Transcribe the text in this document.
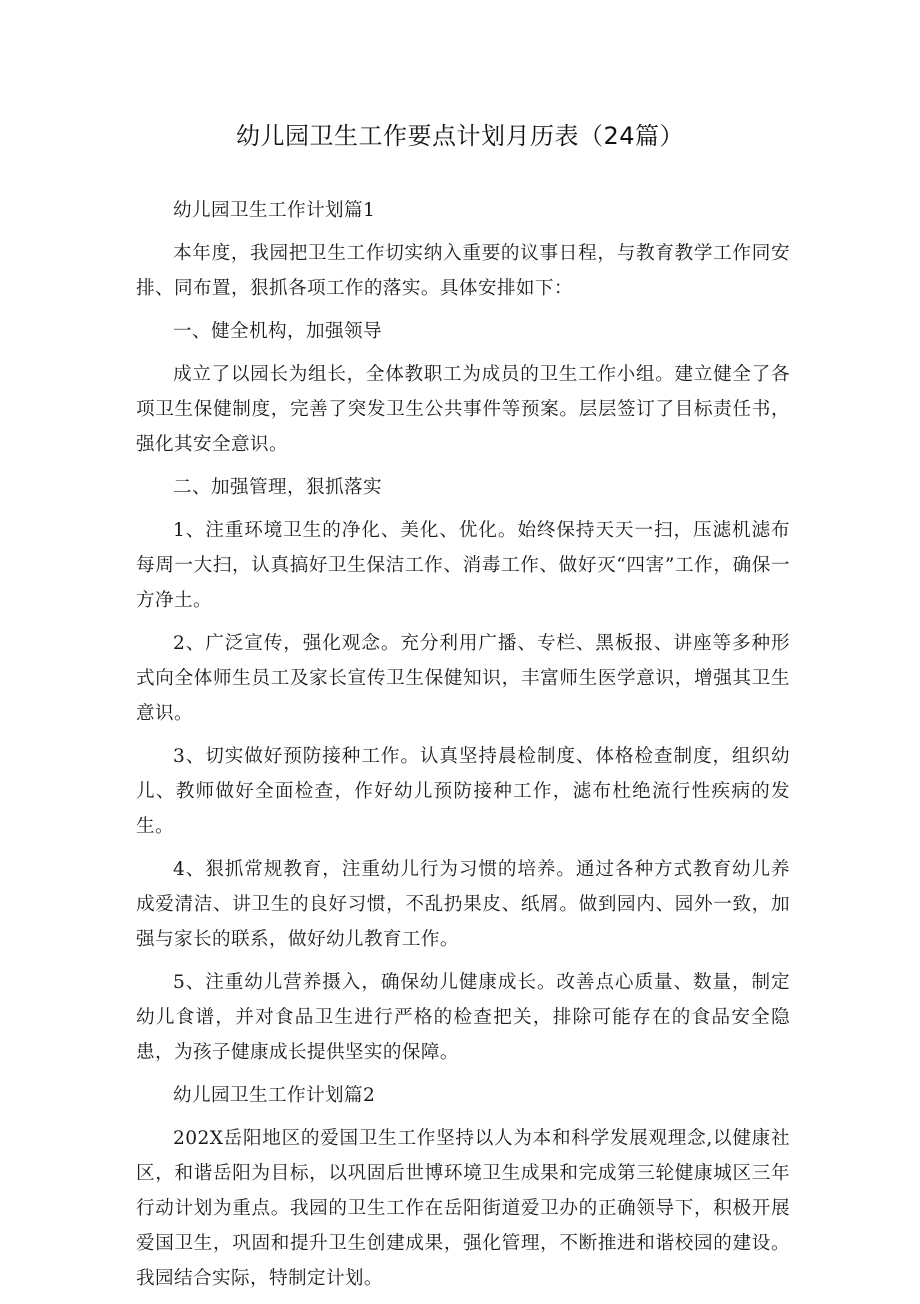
幼儿园卫生工作要点计划月历表（24篇）

幼儿园卫生工作计划篇1

本年度，我园把卫生工作切实纳入重要的议事日程，与教育教学工作同安排、同布置，狠抓各项工作的落实。具体安排如下：

一、健全机构，加强领导

成立了以园长为组长，全体教职工为成员的卫生工作小组。建立健全了各项卫生保健制度，完善了突发卫生公共事件等预案。层层签订了目标责任书，强化其安全意识。

二、加强管理，狠抓落实

1、注重环境卫生的净化、美化、优化。始终保持天天一扫，压滤机滤布每周一大扫，认真搞好卫生保洁工作、消毒工作、做好灭“四害”工作，确保一方净土。

2、广泛宣传，强化观念。充分利用广播、专栏、黑板报、讲座等多种形式向全体师生员工及家长宣传卫生保健知识，丰富师生医学意识，增强其卫生意识。

3、切实做好预防接种工作。认真坚持晨检制度、体格检查制度，组织幼儿、教师做好全面检查，作好幼儿预防接种工作，滤布杜绝流行性疾病的发生。

4、狠抓常规教育，注重幼儿行为习惯的培养。通过各种方式教育幼儿养成爱清洁、讲卫生的良好习惯，不乱扔果皮、纸屑。做到园内、园外一致，加强与家长的联系，做好幼儿教育工作。

5、注重幼儿营养摄入，确保幼儿健康成长。改善点心质量、数量，制定幼儿食谱，并对食品卫生进行严格的检查把关，排除可能存在的食品安全隐患，为孩子健康成长提供坚实的保障。

幼儿园卫生工作计划篇2

202X岳阳地区的爱国卫生工作坚持以人为本和科学发展观理念,以健康社区，和谐岳阳为目标，以巩固后世博环境卫生成果和完成第三轮健康城区三年行动计划为重点。我园的卫生工作在岳阳街道爱卫办的正确领导下，积极开展爱国卫生，巩固和提升卫生创建成果，强化管理，不断推进和谐校园的建设。我园结合实际，特制定计划。
